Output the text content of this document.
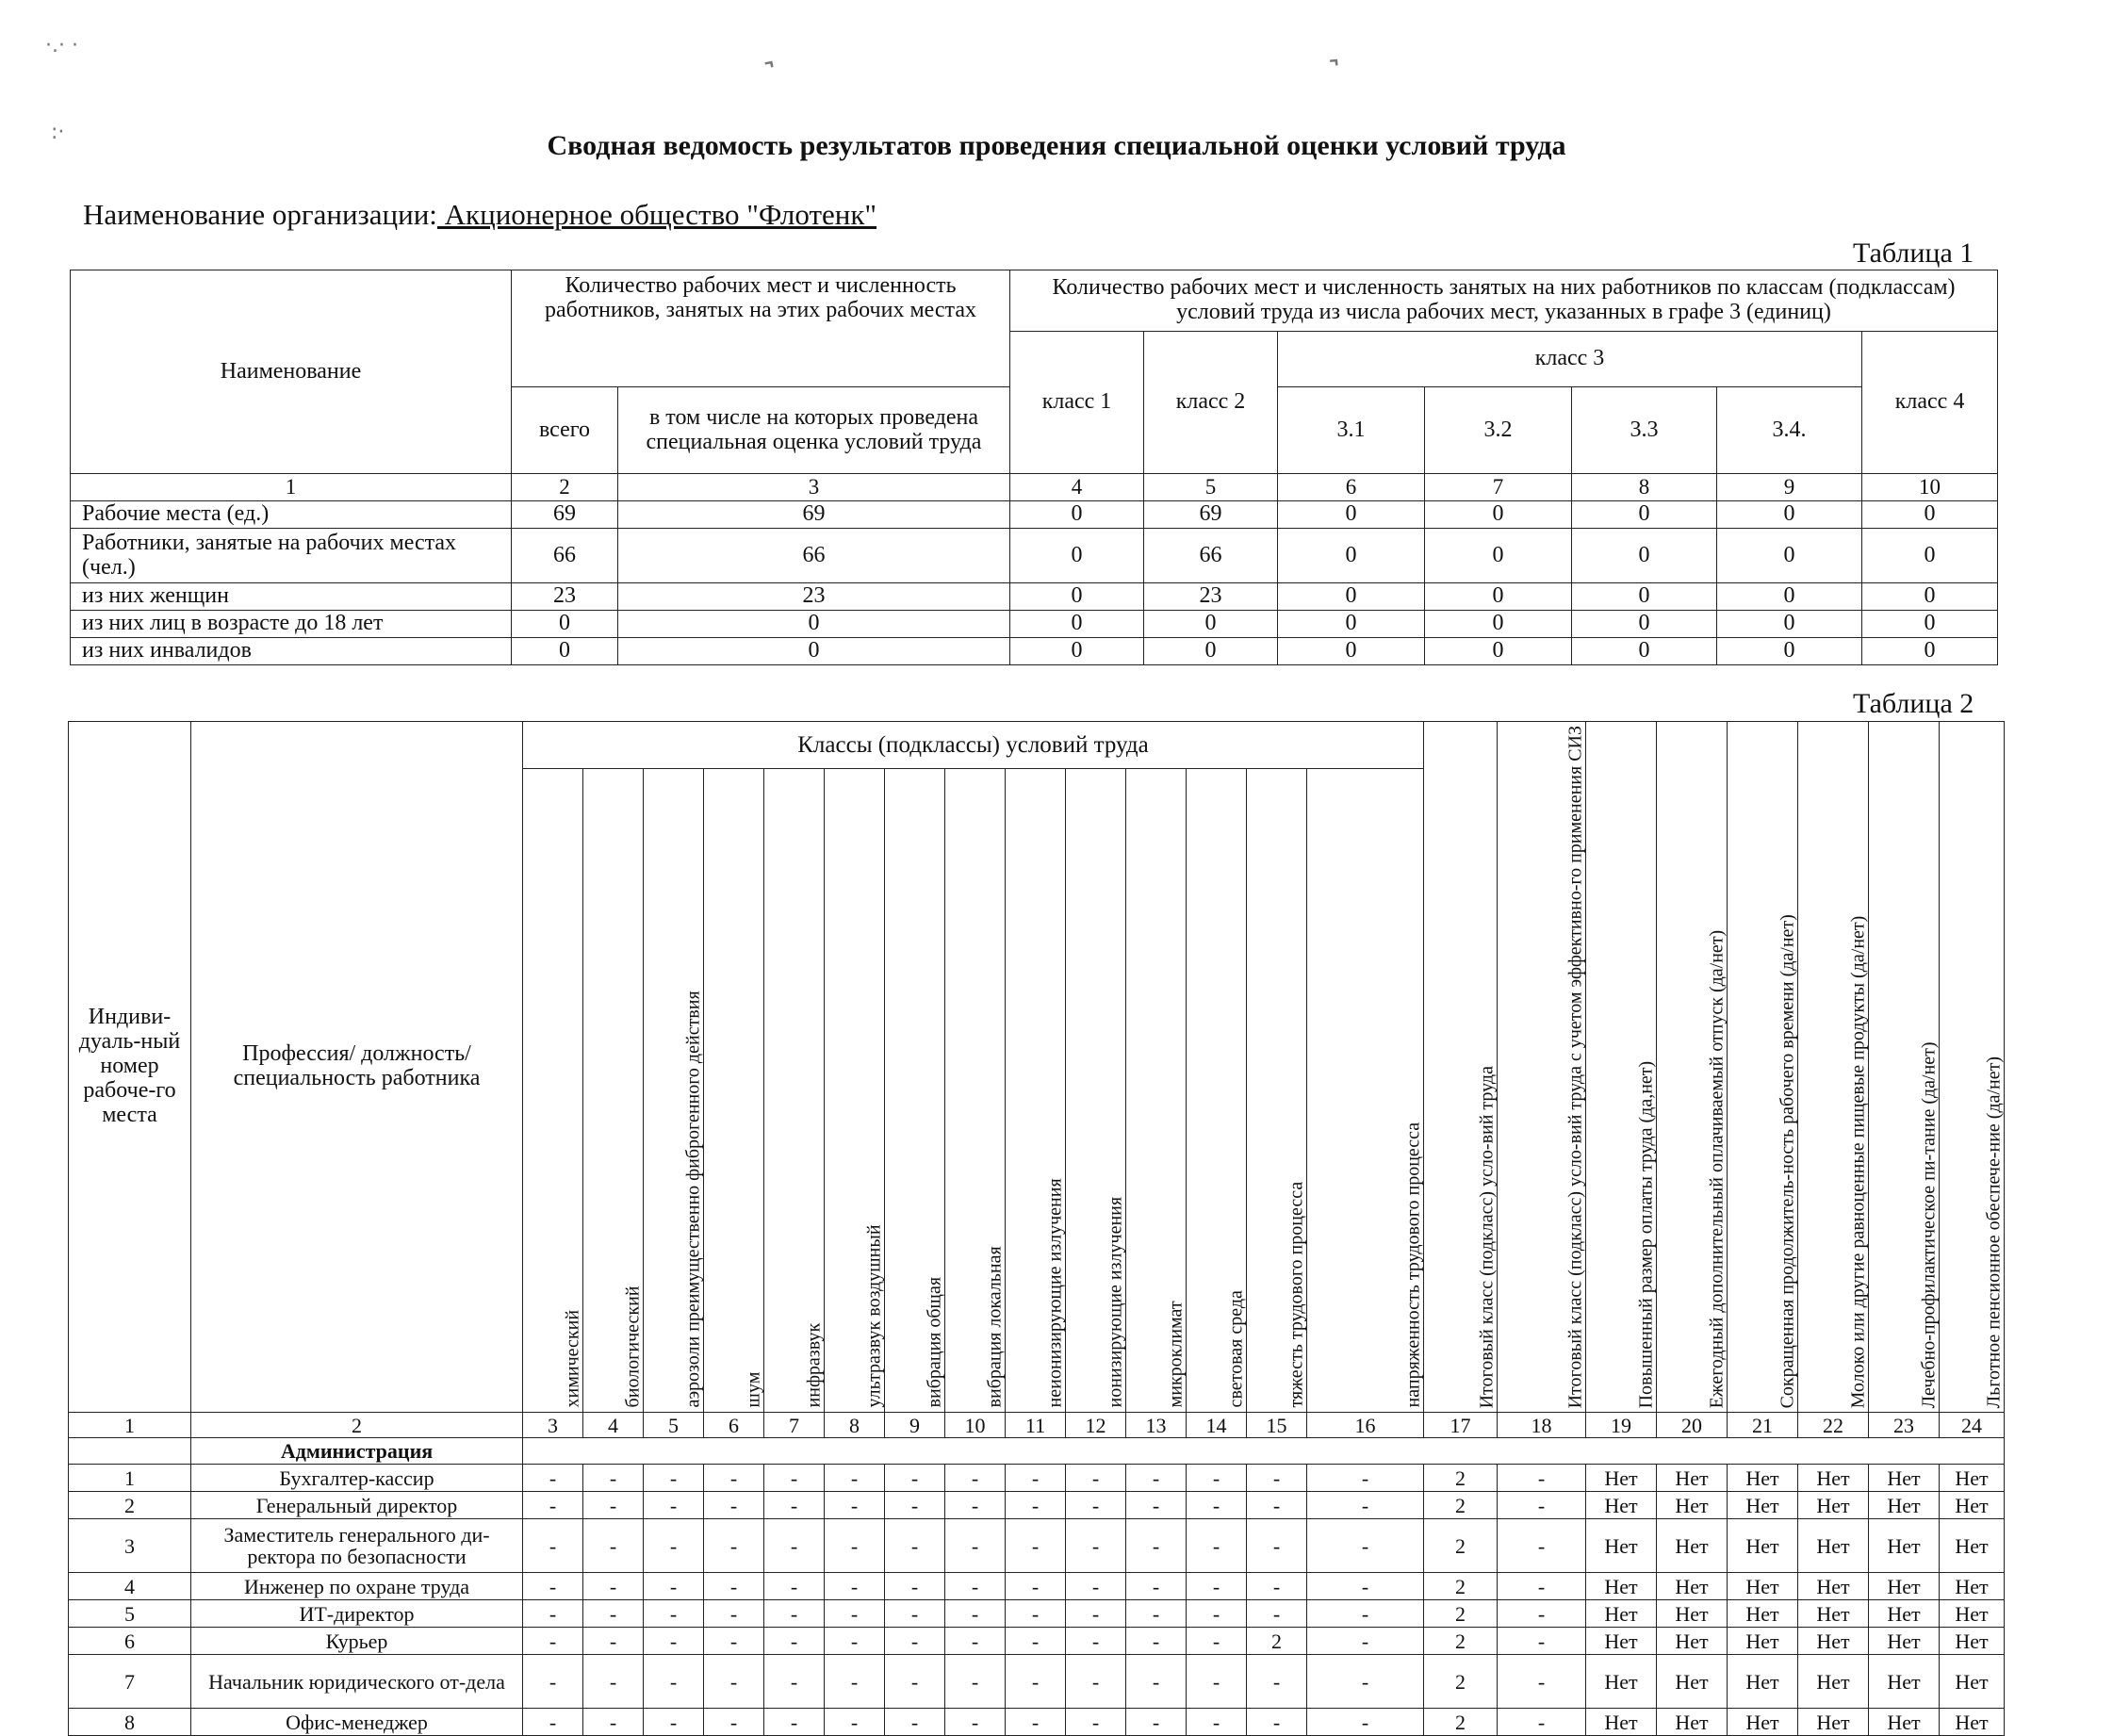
˺	˺
·.· ·
:·	Сводная ведомость результатов проведения специальной оценки условий труда
Наименование организации: Акционерное общество "Флотенк"
Таблица 1
Наименование	Количество рабочих мест и численность работников, занятых на этих рабочих местах		Количество рабочих мест и численность занятых на них работников по классам (подклассам) условий труда из числа рабочих мест, указанных в графе 3 (единиц)						
			класс 1	класс 2	класс 3				класс 4
	всего	в том числе на которых проведена специальная оценка условий труда			3.1	3.2	3.3	3.4.	
1	2	3	4	5	6	7	8	9	10
Рабочие места (ед.)	69	69	0	69	0	0	0	0	0
Работники, занятые на рабочих местах (чел.)	66	66	0	66	0	0	0	0	0
из них женщин	23	23	0	23	0	0	0	0	0
из них лиц в возрасте до 18 лет	0	0	0	0	0	0	0	0	0
из них инвалидов	0	0	0	0	0	0	0	0	0
Таблица 2
Индиви-дуаль-ный номер рабоче-го места	Профессия/ должность/ специальность работника	Классы (подклассы) условий труда														Итоговый класс (подкласс) усло-вий труда	Итоговый класс (подкласс) усло-вий труда с учетом эффективно-го применения СИЗ	Повышенный размер оплаты труда (да,нет)	Ежегодный дополнительный оплачиваемый отпуск (да/нет)	Сокращенная продолжитель-ность рабочего времени (да/нет)	Молоко или другие равноценные пищевые продукты (да/нет)	Лечебно-профилактическое пи-тание (да/нет)	Льготное пенсионное обеспече-ние (да/нет)
		химический	биологический	аэрозоли преимущественно фиброгенного действия	шум	инфразвук	ультразвук воздушный	вибрация общая	вибрация локальная	неионизирующие излучения	ионизирующие излучения	микроклимат	световая среда	тяжесть трудового процесса	напряженность трудового процесса								
1	2	3	4	5	6	7	8	9	10	11	12	13	14	15	16	17	18	19	20	21	22	23	24
	Администрация																						
1	Бухгалтер-кассир	-	-	-	-	-	-	-	-	-	-	-	-	-	-	2	-	Нет	Нет	Нет	Нет	Нет	Нет
2	Генеральный директор	-	-	-	-	-	-	-	-	-	-	-	-	-	-	2	-	Нет	Нет	Нет	Нет	Нет	Нет
3	Заместитель генерального ди-ректора по безопасности	-	-	-	-	-	-	-	-	-	-	-	-	-	-	2	-	Нет	Нет	Нет	Нет	Нет	Нет
4	Инженер по охране труда	-	-	-	-	-	-	-	-	-	-	-	-	-	-	2	-	Нет	Нет	Нет	Нет	Нет	Нет
5	ИТ-директор	-	-	-	-	-	-	-	-	-	-	-	-	-	-	2	-	Нет	Нет	Нет	Нет	Нет	Нет
6	Курьер	-	-	-	-	-	-	-	-	-	-	-	-	2	-	2	-	Нет	Нет	Нет	Нет	Нет	Нет
7	Начальник юридического от-дела	-	-	-	-	-	-	-	-	-	-	-	-	-	-	2	-	Нет	Нет	Нет	Нет	Нет	Нет
8	Офис-менеджер	-	-	-	-	-	-	-	-	-	-	-	-	-	-	2	-	Нет	Нет	Нет	Нет	Нет	Нет
